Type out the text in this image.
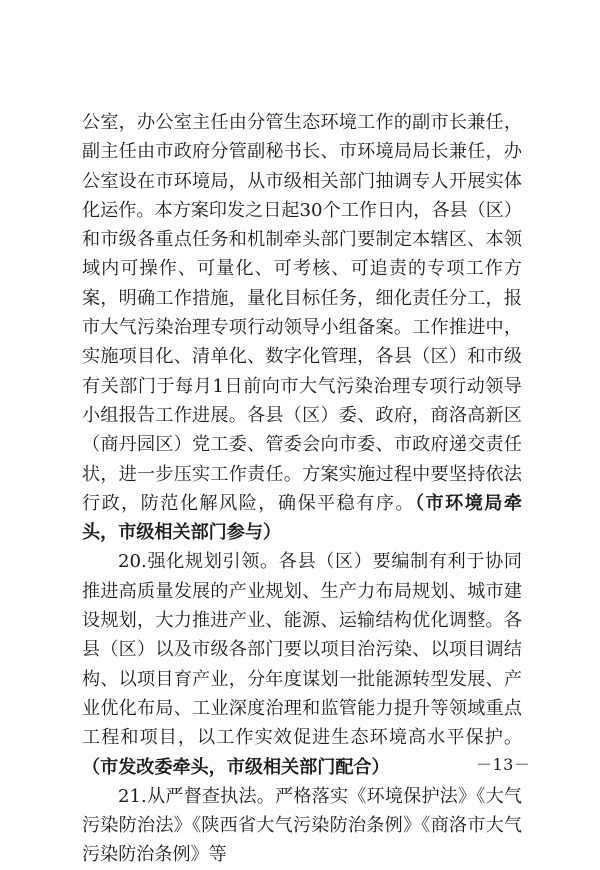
公室，办公室主任由分管生态环境工作的副市长兼任，副主任由市政府分管副秘书长、市环境局局长兼任，办公室设在市环境局，从市级相关部门抽调专人开展实体化运作。本方案印发之日起30个工作日内，各县（区）和市级各重点任务和机制牵头部门要制定本辖区、本领域内可操作、可量化、可考核、可追责的专项工作方案，明确工作措施，量化目标任务，细化责任分工，报市大气污染治理专项行动领导小组备案。工作推进中，实施项目化、清单化、数字化管理，各县（区）和市级有关部门于每月1日前向市大气污染治理专项行动领导小组报告工作进展。各县（区）委、政府，商洛高新区（商丹园区）党工委、管委会向市委、市政府递交责任状，进一步压实工作责任。方案实施过程中要坚持依法行政，防范化解风险，确保平稳有序。（市环境局牵头，市级相关部门参与）

20.强化规划引领。各县（区）要编制有利于协同推进高质量发展的产业规划、生产力布局规划、城市建设规划，大力推进产业、能源、运输结构优化调整。各县（区）以及市级各部门要以项目治污染、以项目调结构、以项目育产业，分年度谋划一批能源转型发展、产业优化布局、工业深度治理和监管能力提升等领域重点工程和项目，以工作实效促进生态环境高水平保护。（市发改委牵头，市级相关部门配合）

21.从严督查执法。严格落实《环境保护法》《大气污染防治法》《陕西省大气污染防治条例》《商洛市大气污染防治条例》等

－13－
